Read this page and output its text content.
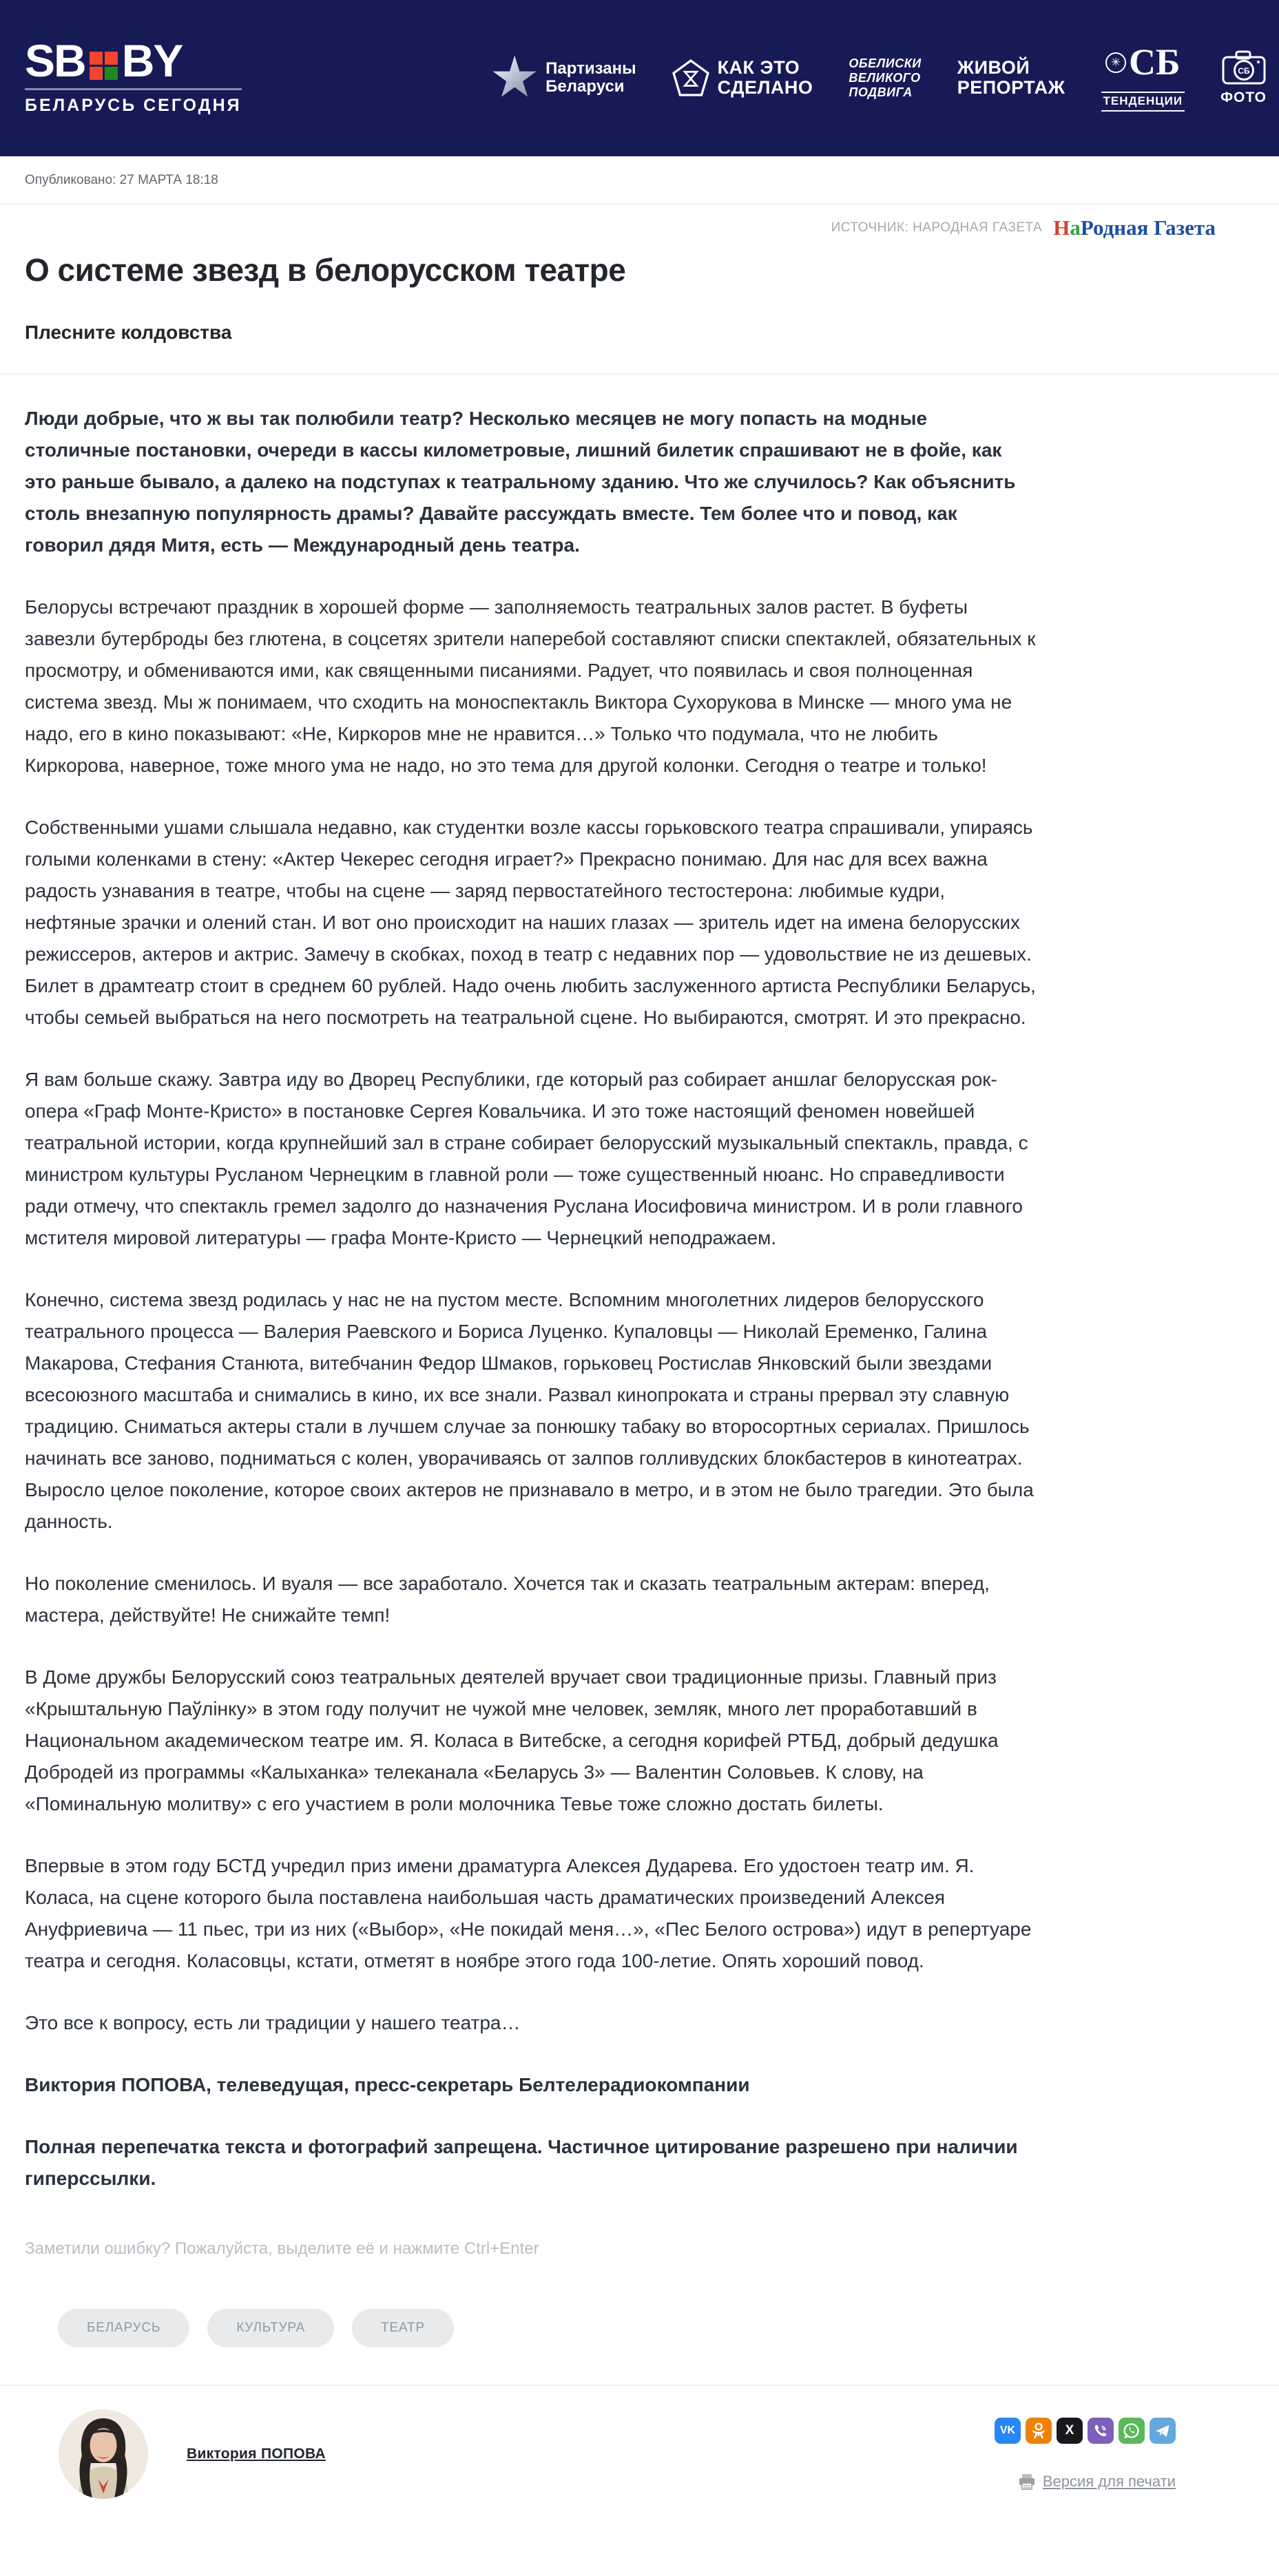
SB BY
БЕЛАРУСЬ СЕГОДНЯ
Партизаны
Беларуси
КАК ЭТО
СДЕЛАНО
ОБЕЛИСКИ
ВЕЛИКОГО
ПОДВИГА
ЖИВОЙ
РЕПОРТАЖ
✳ СБ
ТЕНДЕНЦИИ
СБ
ФОТО
Опубликовано: 27 МАРТА 18:18
ИСТОЧНИК: НАРОДНАЯ ГАЗЕТА НаРодная Газета
О системе звезд в белорусском театре
Плесните колдовства

Люди добрые, что ж вы так полюбили театр? Несколько месяцев не могу попасть на модные столичные постановки, очереди в кассы километровые, лишний билетик спрашивают не в фойе, как это раньше бывало, а далеко на подступах к театральному зданию. Что же случилось? Как объяснить столь внезапную популярность драмы? Давайте рассуждать вместе. Тем более что и повод, как говорил дядя Митя, есть — Международный день театра.

Белорусы встречают праздник в хорошей форме — заполняемость театральных залов растет. В буфеты завезли бутерброды без глютена, в соцсетях зрители наперебой составляют списки спектаклей, обязательных к просмотру, и обмениваются ими, как священными писаниями. Радует, что появилась и своя полноценная система звезд. Мы ж понимаем, что сходить на моноспектакль Виктора Сухорукова в Минске — много ума не надо, его в кино показывают: «Не, Киркоров мне не нравится…» Только что подумала, что не любить Киркорова, наверное, тоже много ума не надо, но это тема для другой колонки. Сегодня о театре и только!

Собственными ушами слышала недавно, как студентки возле кассы горьковского театра спрашивали, упираясь голыми коленками в стену: «Актер Чекерес сегодня играет?» Прекрасно понимаю. Для нас для всех важна радость узнавания в театре, чтобы на сцене — заряд первостатейного тестостерона: любимые кудри, нефтяные зрачки и олений стан. И вот оно происходит на наших глазах — зритель идет на имена белорусских режиссеров, актеров и актрис. Замечу в скобках, поход в театр с недавних пор — удовольствие не из дешевых. Билет в драмтеатр стоит в среднем 60 рублей. Надо очень любить заслуженного артиста Республики Беларусь, чтобы семьей выбраться на него посмотреть на театральной сцене. Но выбираются, смотрят. И это прекрасно.

Я вам больше скажу. Завтра иду во Дворец Республики, где который раз собирает аншлаг белорусская рок-опера «Граф Монте-Кристо» в постановке Сергея Ковальчика. И это тоже настоящий феномен новейшей театральной истории, когда крупнейший зал в стране собирает белорусский музыкальный спектакль, правда, с министром культуры Русланом Чернецким в главной роли — тоже существенный нюанс. Но справедливости ради отмечу, что спектакль гремел задолго до назначения Руслана Иосифовича министром. И в роли главного мстителя мировой литературы — графа Монте-Кристо — Чернецкий неподражаем.

Конечно, система звезд родилась у нас не на пустом месте. Вспомним многолетних лидеров белорусского театрального процесса — Валерия Раевского и Бориса Луценко. Купаловцы — Николай Еременко, Галина Макарова, Стефания Станюта, витебчанин Федор Шмаков, горьковец Ростислав Янковский были звездами всесоюзного масштаба и снимались в кино, их все знали. Развал кинопроката и страны прервал эту славную традицию. Сниматься актеры стали в лучшем случае за понюшку табаку во второсортных сериалах. Пришлось начинать все заново, подниматься с колен, уворачиваясь от залпов голливудских блокбастеров в кинотеатрах. Выросло целое поколение, которое своих актеров не признавало в метро, и в этом не было трагедии. Это была данность.

Но поколение сменилось. И вуаля — все заработало. Хочется так и сказать театральным актерам: вперед, мастера, действуйте! Не снижайте темп!

В Доме дружбы Белорусский союз театральных деятелей вручает свои традиционные призы. Главный приз «Крыштальную Паўлінку» в этом году получит не чужой мне человек, земляк, много лет проработавший в Национальном академическом театре им. Я. Коласа в Витебске, а сегодня корифей РТБД, добрый дедушка Добродей из программы «Калыханка» телеканала «Беларусь 3» — Валентин Соловьев. К слову, на «Поминальную молитву» с его участием в роли молочника Тевье тоже сложно достать билеты.

Впервые в этом году БСТД учредил приз имени драматурга Алексея Дударева. Его удостоен театр им. Я. Коласа, на сцене которого была поставлена наибольшая часть драматических произведений Алексея Ануфриевича — 11 пьес, три из них («Выбор», «Не покидай меня…», «Пес Белого острова») идут в репертуаре театра и сегодня. Коласовцы, кстати, отметят в ноябре этого года 100-летие. Опять хороший повод.

Это все к вопросу, есть ли традиции у нашего театра…

Виктория ПОПОВА, телеведущая, пресс-секретарь Белтелерадиокомпании

Полная перепечатка текста и фотографий запрещена. Частичное цитирование разрешено при наличии гиперссылки.

Заметили ошибку? Пожалуйста, выделите её и нажмите Ctrl+Enter

БЕЛАРУСЬ	КУЛЬТУРА	ТЕАТР
Виктория ПОПОВА
VK	X
Версия для печати
